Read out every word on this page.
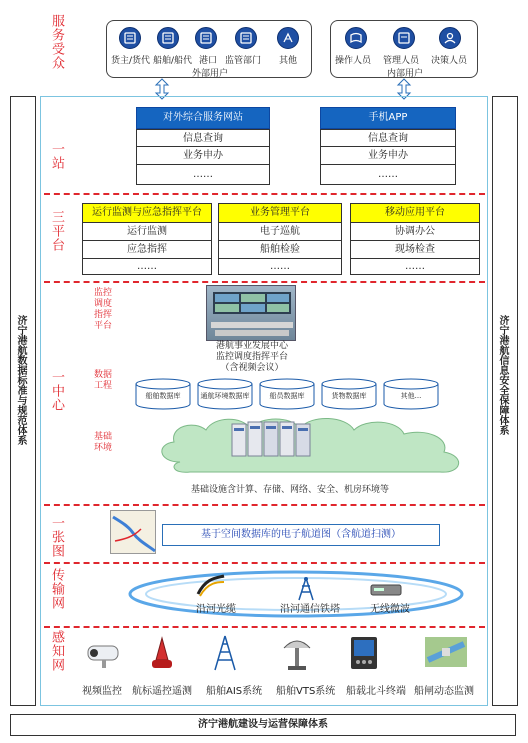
服务受众
一站
三平台
一中心
一张图
传输网
感知网
货主/货代 船舶/船代 港口 监管部门 其他
外部用户
操作人员 管理人员 决策人员
内部用户
济宁港航数据标准与规范体系	济宁港航信息安全保障体系
对外综合服务网站
信息查询
业务申办
……
手机APP
信息查询
业务申办
……
运行监测与应急指挥平台
运行监测
应急指挥
……
业务管理平台
电子巡航
船舶检验
……
移动应用平台
协调办公
现场检查
……
监控调度指挥平台
港航事业发展中心
监控调度指挥平台
（含视频会议）
数据工程
船舶数据库	通航环境数据库	船员数据库	货物数据库	其他...
基础环境
基础设施含计算、存储、网络、安全、机房环境等
基于空间数据库的电子航道图（含航道扫测）
沿河光缆	沿河通信铁塔	无线微波
视频监控 航标遥控遥测 船舶AIS系统 船舶VTS系统 船载北斗终端 船闸动态监测
济宁港航建设与运营保障体系
